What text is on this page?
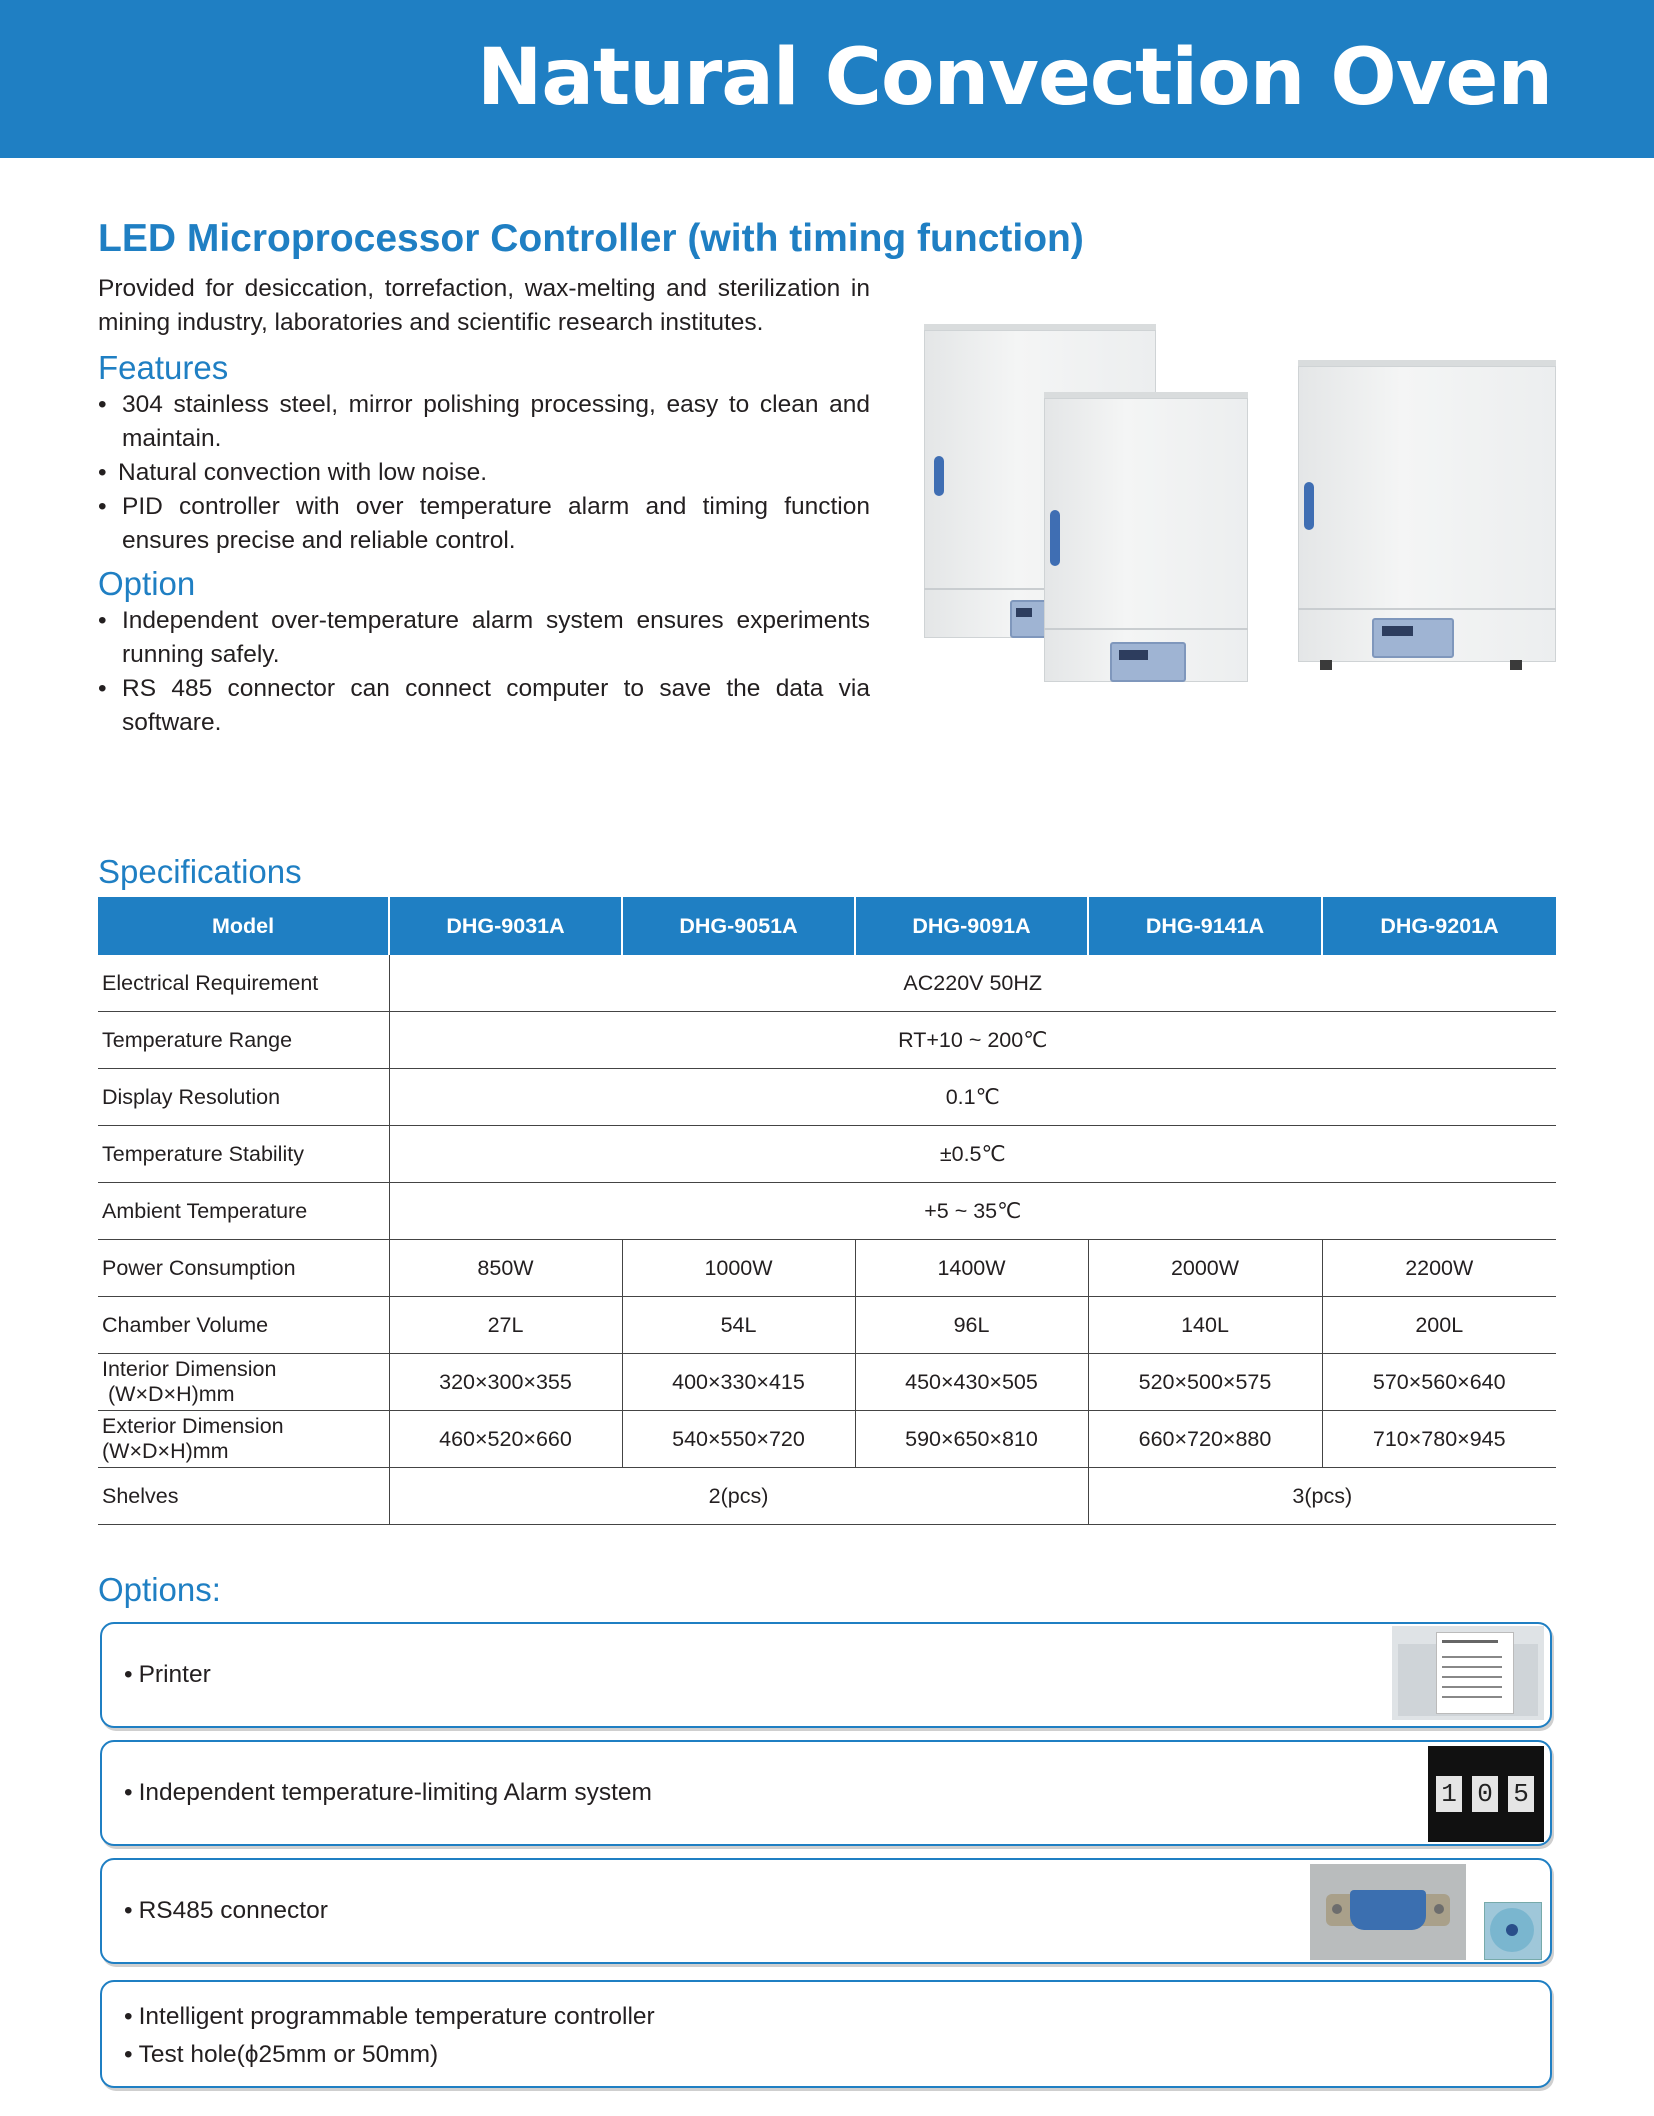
Natural Convection Oven
LED Microprocessor Controller (with timing function)

Provided for desiccation, torrefaction, wax-melting and sterilization in mining industry, laboratories and scientific research institutes.

Features
• 304 stainless steel, mirror polishing processing, easy to clean and maintain.
• Natural convection with low noise.
• PID controller with over temperature alarm and timing function ensures precise and reliable control.
Option
• Independent over-temperature alarm system ensures experiments running safely.
• RS 485 connector can connect computer to save the data via software.
Specifications
Model	DHG-9031A	DHG-9051A	DHG-9091A	DHG-9141A	DHG-9201A
Electrical Requirement	AC220V 50HZ				
Temperature Range	RT+10 ~ 200℃				
Display Resolution	0.1℃				
Temperature Stability	±0.5℃				
Ambient Temperature	+5 ~ 35℃				
Power Consumption	850W	1000W	1400W	2000W	2200W
Chamber Volume	27L	54L	96L	140L	200L
Interior Dimension
(W×D×H)mm	320×300×355	400×330×415	450×430×505	520×500×575	570×560×640
Exterior Dimension
(W×D×H)mm	460×520×660	540×550×720	590×650×810	660×720×880	710×780×945
Shelves	2(pcs)			3(pcs)	
Options:
• Printer
• Independent temperature-limiting Alarm system	1 0 5
• RS485 connector
• Intelligent programmable temperature controller
• Test hole(ϕ25mm or 50mm)
